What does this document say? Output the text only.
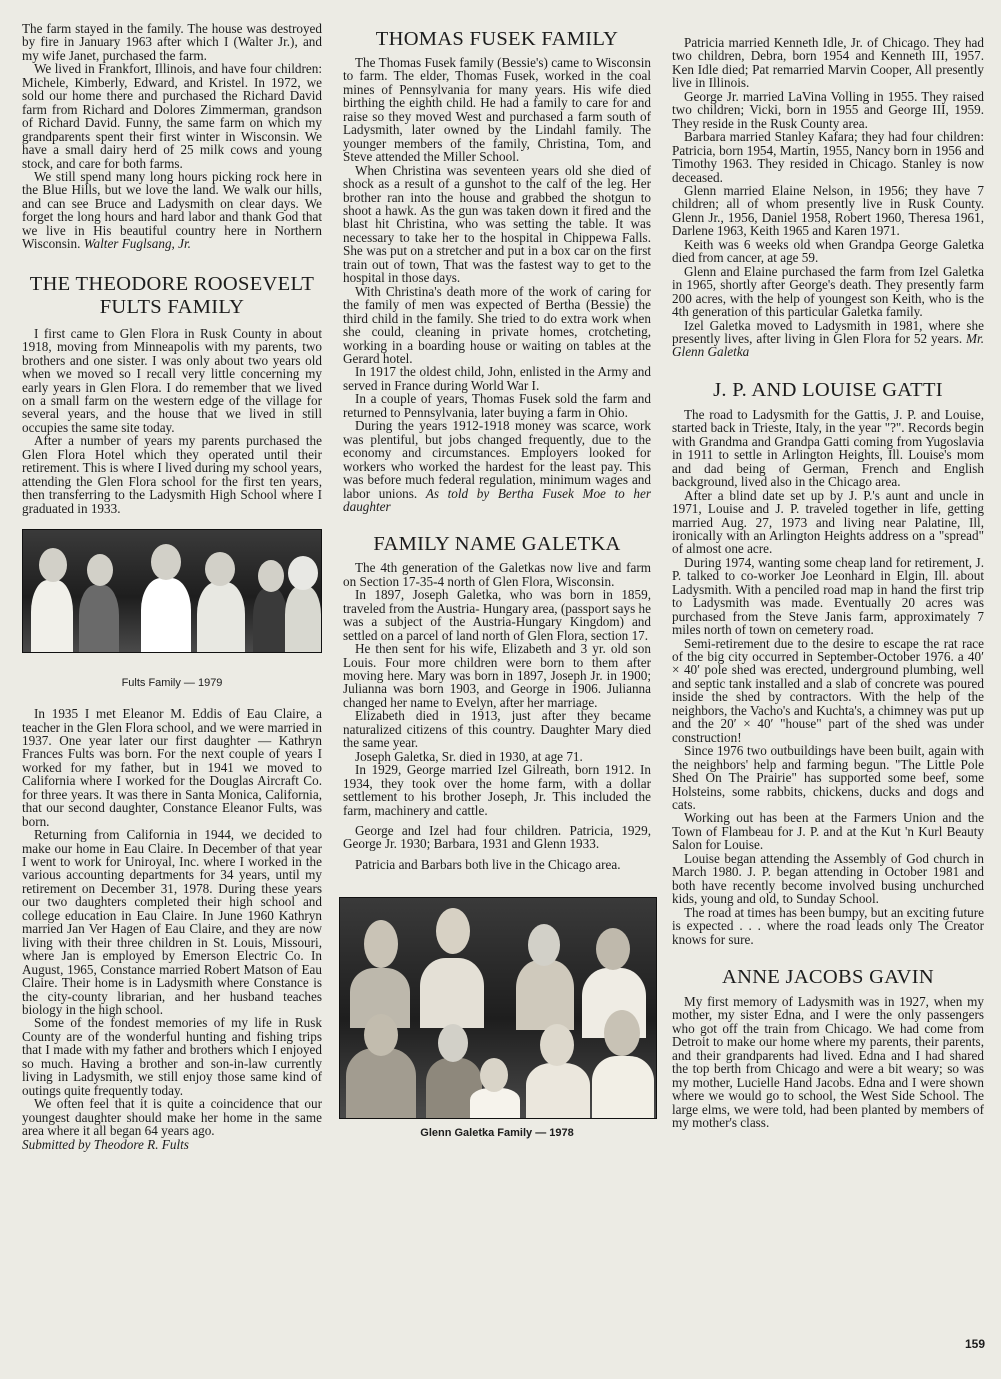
The farm stayed in the family. The house was destroyed by fire in January 1963 after which I (Walter Jr.), and my wife Janet, purchased the farm.

We lived in Frankfort, Illinois, and have four children: Michele, Kimberly, Edward, and Kristel. In 1972, we sold our home there and purchased the Richard David farm from Richard and Dolores Zimmerman, grandson of Richard David. Funny, the same farm on which my grandparents spent their first winter in Wisconsin. We have a small dairy herd of 25 milk cows and young stock, and care for both farms.

We still spend many long hours picking rock here in the Blue Hills, but we love the land. We walk our hills, and can see Bruce and Ladysmith on clear days. We forget the long hours and hard labor and thank God that we live in His beautiful country here in Northern Wisconsin. Walter Fuglsang, Jr.

THE THEODORE ROOSEVELT FULTS FAMILY

I first came to Glen Flora in Rusk County in about 1918, moving from Minneapolis with my parents, two brothers and one sister. I was only about two years old when we moved so I recall very little concerning my early years in Glen Flora. I do remember that we lived on a small farm on the western edge of the village for several years, and the house that we lived in still occupies the same site today.

After a number of years my parents purchased the Glen Flora Hotel which they operated until their retirement. This is where I lived during my school years, attending the Glen Flora school for the first ten years, then transferring to the Ladysmith High School where I graduated in 1933.

Fults Family — 1979

In 1935 I met Eleanor M. Eddis of Eau Claire, a teacher in the Glen Flora school, and we were married in 1937. One year later our first daughter — Kathryn Frances Fults was born. For the next couple of years I worked for my father, but in 1941 we moved to California where I worked for the Douglas Aircraft Co. for three years. It was there in Santa Monica, California, that our second daughter, Constance Eleanor Fults, was born.

Returning from California in 1944, we decided to make our home in Eau Claire. In December of that year I went to work for Uniroyal, Inc. where I worked in the various accounting departments for 34 years, until my retirement on December 31, 1978. During these years our two daughters completed their high school and college education in Eau Claire. In June 1960 Kathryn married Jan Ver Hagen of Eau Claire, and they are now living with their three children in St. Louis, Missouri, where Jan is employed by Emerson Electric Co. In August, 1965, Constance married Robert Matson of Eau Claire. Their home is in Ladysmith where Constance is the city-county librarian, and her husband teaches biology in the high school.

Some of the fondest memories of my life in Rusk County are of the wonderful hunting and fishing trips that I made with my father and brothers which I enjoyed so much. Having a brother and son-in-law currently living in Ladysmith, we still enjoy those same kind of outings quite frequently today.

We often feel that it is quite a coincidence that our youngest daughter should make her home in the same area where it all began 64 years ago.

Submitted by Theodore R. Fults

THOMAS FUSEK FAMILY

The Thomas Fusek family (Bessie's) came to Wisconsin to farm. The elder, Thomas Fusek, worked in the coal mines of Pennsylvania for many years. His wife died birthing the eighth child. He had a family to care for and raise so they moved West and purchased a farm south of Ladysmith, later owned by the Lindahl family. The younger members of the family, Christina, Tom, and Steve attended the Miller School.

When Christina was seventeen years old she died of shock as a result of a gunshot to the calf of the leg. Her brother ran into the house and grabbed the shotgun to shoot a hawk. As the gun was taken down it fired and the blast hit Christina, who was setting the table. It was necessary to take her to the hospital in Chippewa Falls. She was put on a stretcher and put in a box car on the first train out of town, That was the fastest way to get to the hospital in those days.

With Christina's death more of the work of caring for the family of men was expected of Bertha (Bessie) the third child in the family. She tried to do extra work when she could, cleaning in private homes, crotcheting, working in a boarding house or waiting on tables at the Gerard hotel.

In 1917 the oldest child, John, enlisted in the Army and served in France during World War I.

In a couple of years, Thomas Fusek sold the farm and returned to Pennsylvania, later buying a farm in Ohio.

During the years 1912-1918 money was scarce, work was plentiful, but jobs changed frequently, due to the economy and circumstances. Employers looked for workers who worked the hardest for the least pay. This was before much federal regulation, minimum wages and labor unions. As told by Bertha Fusek Moe to her daughter

FAMILY NAME GALETKA

The 4th generation of the Galetkas now live and farm on Section 17-35-4 north of Glen Flora, Wisconsin.

In 1897, Joseph Galetka, who was born in 1859, traveled from the Austria- Hungary area, (passport says he was a subject of the Austria-Hungary Kingdom) and settled on a parcel of land north of Glen Flora, section 17.

He then sent for his wife, Elizabeth and 3 yr. old son Louis. Four more children were born to them after moving here. Mary was born in 1897, Joseph Jr. in 1900; Julianna was born 1903, and George in 1906. Julianna changed her name to Evelyn, after her marriage.

Elizabeth died in 1913, just after they became naturalized citizens of this country. Daughter Mary died the same year.

Joseph Galetka, Sr. died in 1930, at age 71.

In 1929, George married Izel Gilreath, born 1912. In 1934, they took over the home farm, with a dollar settlement to his brother Joseph, Jr. This included the farm, machinery and cattle.

George and Izel had four children. Patricia, 1929, George Jr. 1930; Barbara, 1931 and Glenn 1933.

Patricia and Barbars both live in the Chicago area.

Glenn Galetka Family — 1978

Patricia married Kenneth Idle, Jr. of Chicago. They had two children, Debra, born 1954 and Kenneth III, 1957. Ken Idle died; Pat remarried Marvin Cooper, All presently live in Illinois.

George Jr. married LaVina Volling in 1955. They raised two children; Vicki, born in 1955 and George III, 1959. They reside in the Rusk County area.

Barbara married Stanley Kafara; they had four children: Patricia, born 1954, Martin, 1955, Nancy born in 1956 and Timothy 1963. They resided in Chicago. Stanley is now deceased.

Glenn married Elaine Nelson, in 1956; they have 7 children; all of whom presently live in Rusk County. Glenn Jr., 1956, Daniel 1958, Robert 1960, Theresa 1961, Darlene 1963, Keith 1965 and Karen 1971.

Keith was 6 weeks old when Grandpa George Galetka died from cancer, at age 59.

Glenn and Elaine purchased the farm from Izel Galetka in 1965, shortly after George's death. They presently farm 200 acres, with the help of youngest son Keith, who is the 4th generation of this particular Galetka family.

Izel Galetka moved to Ladysmith in 1981, where she presently lives, after living in Glen Flora for 52 years. Mr. Glenn Galetka

J. P. AND LOUISE GATTI

The road to Ladysmith for the Gattis, J. P. and Louise, started back in Trieste, Italy, in the year "?". Records begin with Grandma and Grandpa Gatti coming from Yugoslavia in 1911 to settle in Arlington Heights, Ill. Louise's mom and dad being of German, French and English background, lived also in the Chicago area.

After a blind date set up by J. P.'s aunt and uncle in 1971, Louise and J. P. traveled together in life, getting married Aug. 27, 1973 and living near Palatine, Ill, ironically with an Arlington Heights address on a "spread" of almost one acre.

During 1974, wanting some cheap land for retirement, J. P. talked to co-worker Joe Leonhard in Elgin, Ill. about Ladysmith. With a penciled road map in hand the first trip to Ladysmith was made. Eventually 20 acres was purchased from the Steve Janis farm, approximately 7 miles north of town on cemetery road.

Semi-retirement due to the desire to escape the rat race of the big city occurred in September-October 1976. a 40′ × 40′ pole shed was erected, underground plumbing, well and septic tank installed and a slab of concrete was poured inside the shed by contractors. With the help of the neighbors, the Vacho's and Kuchta's, a chimney was put up and the 20′ × 40′ "house" part of the shed was under construction!

Since 1976 two outbuildings have been built, again with the neighbors' help and farming begun. "The Little Pole Shed On The Prairie" has supported some beef, some Holsteins, some rabbits, chickens, ducks and dogs and cats.

Working out has been at the Farmers Union and the Town of Flambeau for J. P. and at the Kut 'n Kurl Beauty Salon for Louise.

Louise began attending the Assembly of God church in March 1980. J. P. began attending in October 1981 and both have recently become involved busing unchurched kids, young and old, to Sunday School.

The road at times has been bumpy, but an exciting future is expected . . . where the road leads only The Creator knows for sure.

ANNE JACOBS GAVIN

My first memory of Ladysmith was in 1927, when my mother, my sister Edna, and I were the only passengers who got off the train from Chicago. We had come from Detroit to make our home where my parents, their parents, and their grandparents had lived. Edna and I had shared the top berth from Chicago and were a bit weary; so was my mother, Lucielle Hand Jacobs. Edna and I were shown where we would go to school, the West Side School. The large elms, we were told, had been planted by members of my mother's class.

159
